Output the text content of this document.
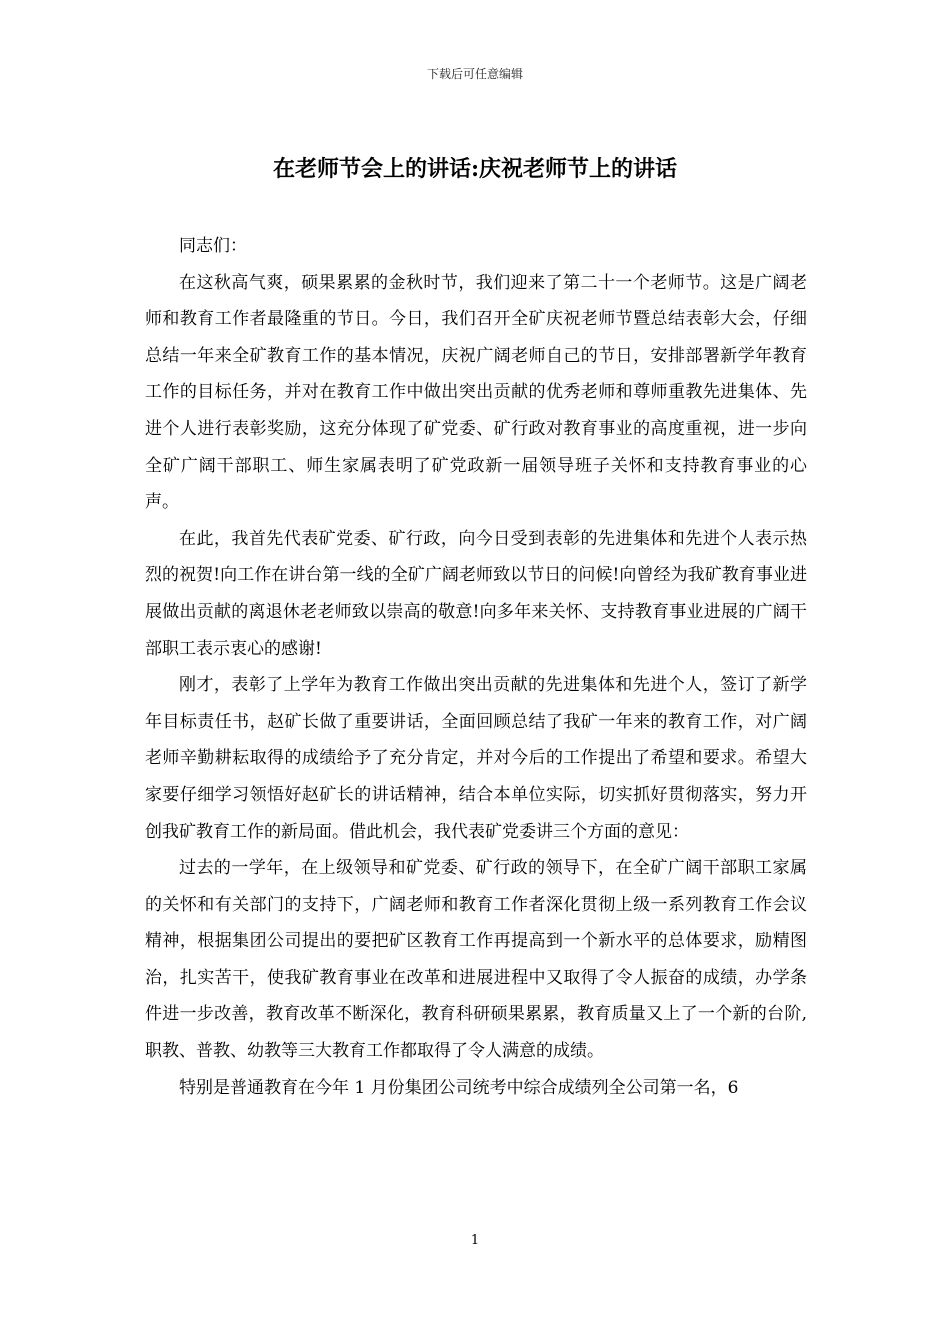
下载后可任意编辑
在老师节会上的讲话:庆祝老师节上的讲话

同志们：

在这秋高气爽，硕果累累的金秋时节，我们迎来了第二十一个老师节。这是广阔老师和教育工作者最隆重的节日。今日，我们召开全矿庆祝老师节暨总结表彰大会，仔细总结一年来全矿教育工作的基本情况，庆祝广阔老师自己的节日，安排部署新学年教育工作的目标任务，并对在教育工作中做出突出贡献的优秀老师和尊师重教先进集体、先进个人进行表彰奖励，这充分体现了矿党委、矿行政对教育事业的高度重视，进一步向全矿广阔干部职工、师生家属表明了矿党政新一届领导班子关怀和支持教育事业的心声。

在此，我首先代表矿党委、矿行政，向今日受到表彰的先进集体和先进个人表示热烈的祝贺!向工作在讲台第一线的全矿广阔老师致以节日的问候!向曾经为我矿教育事业进展做出贡献的离退休老老师致以崇高的敬意!向多年来关怀、支持教育事业进展的广阔干部职工表示衷心的感谢!

刚才，表彰了上学年为教育工作做出突出贡献的先进集体和先进个人，签订了新学年目标责任书，赵矿长做了重要讲话，全面回顾总结了我矿一年来的教育工作，对广阔老师辛勤耕耘取得的成绩给予了充分肯定，并对今后的工作提出了希望和要求。希望大家要仔细学习领悟好赵矿长的讲话精神，结合本单位实际，切实抓好贯彻落实，努力开创我矿教育工作的新局面。借此机会，我代表矿党委讲三个方面的意见：

过去的一学年，在上级领导和矿党委、矿行政的领导下，在全矿广阔干部职工家属的关怀和有关部门的支持下，广阔老师和教育工作者深化贯彻上级一系列教育工作会议精神，根据集团公司提出的要把矿区教育工作再提高到一个新水平的总体要求，励精图治，扎实苦干，使我矿教育事业在改革和进展进程中又取得了令人振奋的成绩，办学条件进一步改善，教育改革不断深化，教育科研硕果累累，教育质量又上了一个新的台阶,职教、普教、幼教等三大教育工作都取得了令人满意的成绩。

特别是普通教育在今年 1 月份集团公司统考中综合成绩列全公司第一名，6

1
